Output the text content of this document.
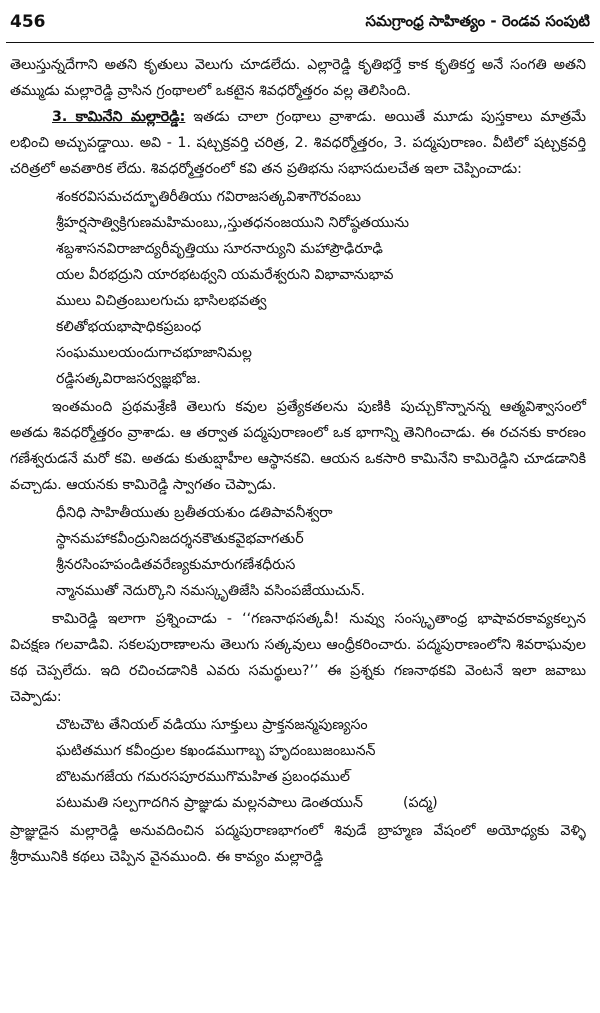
456	సమగ్రాంధ్ర సాహిత్యం - రెండవ సంపుటి

తెలుస్తున్నదేగాని అతని కృతులు వెలుగు చూడలేదు. ఎల్లారెడ్డి కృతిభర్తే కాక కృతికర్త అనే సంగతి అతని తమ్ముడు మల్లారెడ్డి వ్రాసిన గ్రంథాలలో ఒకటైన శివధర్మోత్తరం వల్ల తెలిసింది.

3. కామినేని మల్లారెడ్డి: ఇతడు చాలా గ్రంథాలు వ్రాశాడు. అయితే మూడు పుస్తకాలు మాత్రమే లభించి అచ్చుపడ్డాయి. అవి - 1. షట్చక్రవర్తి చరిత్ర, 2. శివధర్మోత్తరం, 3. పద్మపురాణం. వీటిలో షట్చక్రవర్తి చరిత్రలో అవతారిక లేదు. శివధర్మోత్తరంలో కవి తన ప్రతిభను సభాసదులచేత ఇలా చెప్పించాడు:

శంకరవిసమచద్భూతిరీతియు గవిరాజసత్కవిశాగౌరవంబు
శ్రీహర్షసాత్విక్రిగుణమహిమంబు,,స్తుతధనంజయుని నిరోష్ఠతయును
శబ్దశాసనవిరాజాద్యరీవృత్తియు సూరనార్యుని మహాప్రౌఢిరూఢి
యల వీరభద్రుని యారభటథ్వని యమరేశ్వరుని విభావానుభావ
ములు విచిత్రంబులగుచు భాసిలభవత్వ
కలితోభయభాషాధికప్రబంధ
సంఘములయందుగాచభూజానిమల్ల
రడ్డిసత్కవిరాజసర్వజ్ఞభోజ.

ఇంతమంది ప్రథమశ్రేణి తెలుగు కవుల ప్రత్యేకతలను పుణికి పుచ్చుకొన్నానన్న ఆత్మవిశ్వాసంలో అతడు శివధర్మోత్తరం వ్రాశాడు. ఆ తర్వాత పద్మపురాణంలో ఒక భాగాన్ని తెనిగించాడు. ఈ రచనకు కారణం గణేశ్వరుడనే మరో కవి. అతడు కుతుబ్షాహీల ఆస్థానకవి. ఆయన ఒకసారి కామినేని కామిరెడ్డిని చూడడానికి వచ్చాడు. ఆయనకు కామిరెడ్డి స్వాగతం చెప్పాడు.

ధీనిధి సాహితీయుతు బ్రతీతయశుం డతిపావనీశ్వరా
స్థానమహాకవీంద్రునిజదర్శనకౌతుకవైభవాగతుర్
శ్రీనరసింహపండితవరేణ్యకుమారుగణేశధీరుస
న్మానముతో నెదుర్కొని నమస్కృతిజేసి వసింపజేయుచున్.

కామిరెడ్డి ఇలాగా ప్రశ్నించాడు - ‘‘గణనాథసత్కవీ! నువ్వు సంస్కృతాంధ్ర భాషావరకావ్యకల్పన విచక్షణ గలవాడివి. సకలపురాణాలను తెలుగు సత్కవులు ఆంధ్రీకరించారు. పద్మపురాణంలోని శివరాఘవుల కథ చెప్పలేదు. ఇది రచించడానికి ఎవరు సమర్థులు?’’ ఈ ప్రశ్నకు గణనాథకవి వెంటనే ఇలా జవాబు చెప్పాడు:

చొటచౌట తేనియల్ వడియు సూక్తులు ప్రాక్తనజన్మపుణ్యసం
ఘటితముగ కవీంద్రుల కఖండముగాబ్బ హృదంబుజంబునన్
బొటమగజేయ గమరసపూరముగొమహిత ప్రబంధముల్
పటుమతి సల్పగాదగిన ప్రాజ్ఞుడు మల్లనపాలు డెంతయున్	(పద్మ)

ప్రాజ్ఞుడైన మల్లారెడ్డి అనువదించిన పద్మపురాణభాగంలో శివుడే బ్రాహ్మణ వేషంలో అయోధ్యకు వెళ్ళి శ్రీరామునికి కథలు చెప్పిన వైనముంది. ఈ కావ్యం మల్లారెడ్డి
